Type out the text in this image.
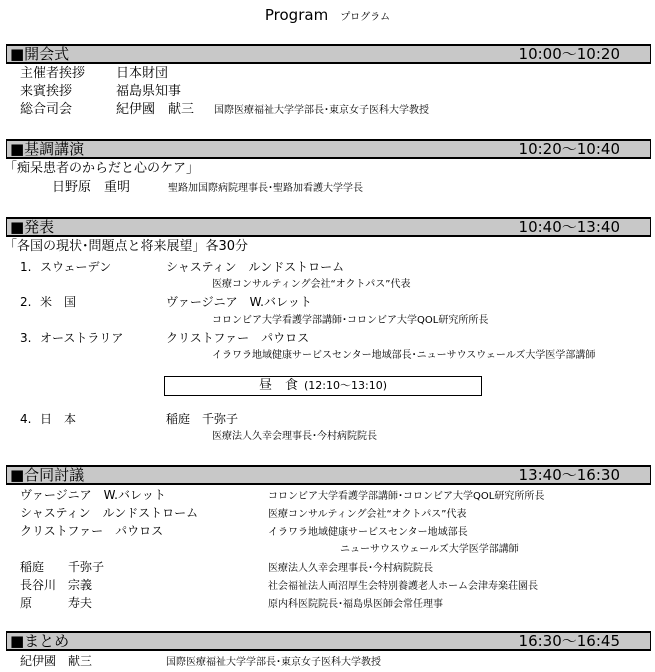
Program プログラム
■開会式	10:00～10:20
主催者挨拶 日本財団
来賓挨拶	福島県知事
総合司会	紀伊國　献三 国際医療福祉大学学部長･東京女子医科大学教授
■基調講演	10:20～10:40
「痴呆患者のからだと心のケア」
日野原　重明	聖路加国際病院理事長･聖路加看護大学学長
■発表	10:40～13:40
「各国の現状･問題点と将来展望」各30分
1. スウェーデン	シャスティン　ルンドストローム
医療コンサルティング会社“オクトパス”代表
2. 米　国	ヴァージニア　W.バレット
コロンビア大学看護学部講師･コロンビア大学QOL研究所所長
3. オーストラリア	クリストファー　パウロス
イラワラ地域健康サービスセンター地域部長･ニューサウスウェールズ大学医学部講師
昼　食 (12:10～13:10)
4. 日　本	稲庭　千弥子
医療法人久幸会理事長･今村病院院長
■合同討議	13:40～16:30
ヴァージニア　W.バレット	コロンビア大学看護学部講師･コロンビア大学QOL研究所所長
シャスティン　ルンドストローム	医療コンサルティング会社“オクトパス”代表
クリストファー　パウロス	イラワラ地域健康サービスセンター地域部長
ニューサウスウェールズ大学医学部講師
稲庭　　千弥子	医療法人久幸会理事長･今村病院院長
長谷川　宗義	社会福祉法人両沼厚生会特別養護老人ホーム会津寿楽荘園長
原　　　寿夫	原内科医院院長･福島県医師会常任理事
■まとめ	16:30～16:45
紀伊國　献三	国際医療福祉大学学部長･東京女子医科大学教授
